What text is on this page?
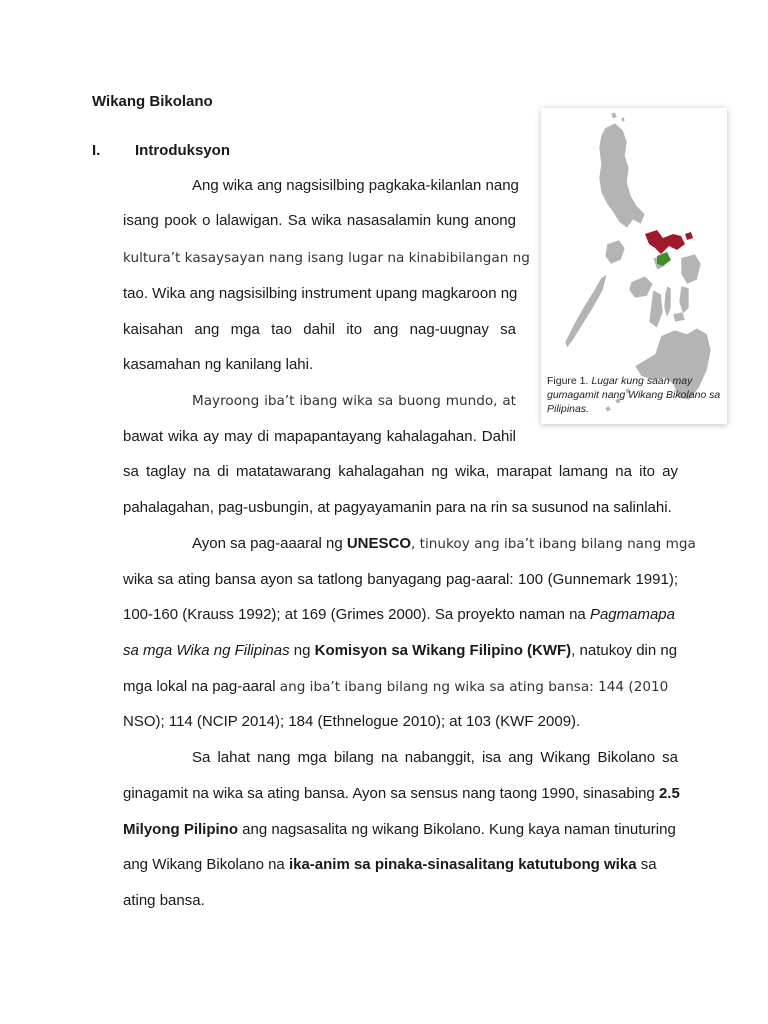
Wikang Bikolano
I. Introduksyon
Figure 1. Lugar kung saan may gumagamit nang Wikang Bikolano sa Pilipinas.
Ang wika ang nagsisilbing pagkaka-kilanlan nang
isang pook o lalawigan. Sa wika nasasalamin kung anong
kultura’t kasaysayan nang isang lugar na kinabibilangan ng
tao. Wika ang nagsisilbing instrument upang magkaroon ng
kaisahan ang mga tao dahil ito ang nag-uugnay sa
kasamahan ng kanilang lahi.
Mayroong iba’t ibang wika sa buong mundo, at
bawat wika ay may di mapapantayang kahalagahan. Dahil
sa taglay na di matatawarang kahalagahan ng wika, marapat lamang na ito ay
pahalagahan, pag-usbungin, at pagyayamanin para na rin sa susunod na salinlahi.
Ayon sa pag-aaaral ng UNESCO, tinukoy ang iba’t ibang bilang nang mga
wika sa ating bansa ayon sa tatlong banyagang pag-aaral: 100 (Gunnemark 1991);
100-160 (Krauss 1992); at 169 (Grimes 2000). Sa proyekto naman na Pagmamapa
sa mga Wika ng Filipinas ng Komisyon sa Wikang Filipino (KWF), natukoy din ng
mga lokal na pag-aaral ang iba’t ibang bilang ng wika sa ating bansa: 144 (2010
NSO); 114 (NCIP 2014); 184 (Ethnelogue 2010); at 103 (KWF 2009).
Sa lahat nang mga bilang na nabanggit, isa ang Wikang Bikolano sa
ginagamit na wika sa ating bansa. Ayon sa sensus nang taong 1990, sinasabing 2.5
Milyong Pilipino ang nagsasalita ng wikang Bikolano. Kung kaya naman tinuturing
ang Wikang Bikolano na ika-anim sa pinaka-sinasalitang katutubong wika sa
ating bansa.
